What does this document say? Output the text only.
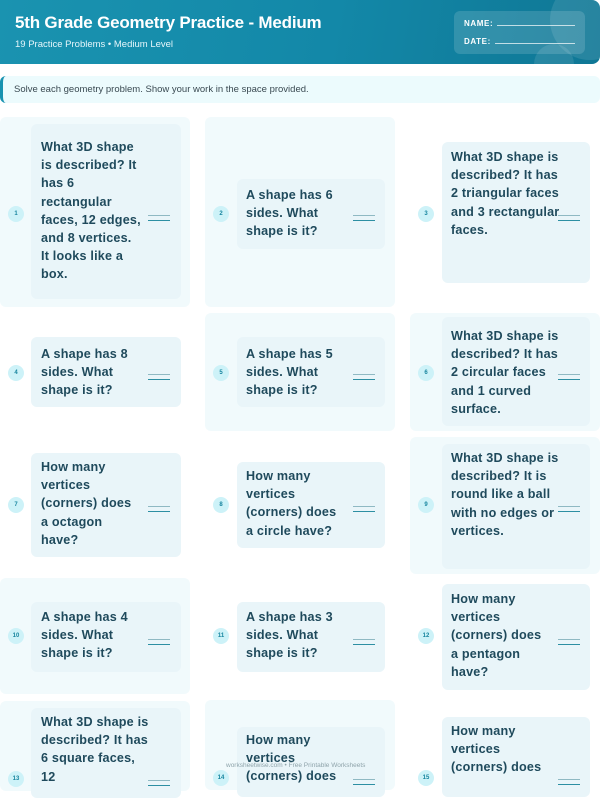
5th Grade Geometry Practice - Medium
19 Practice Problems • Medium Level
NAME:
DATE:
Solve each geometry problem. Show your work in the space provided.
1
What 3D shape is described? It has 6 rectangular faces, 12 edges, and 8 vertices. It looks like a box.
4
A shape has 8 sides. What shape is it?
7
How many vertices (corners) does a octagon have?
10
A shape has 4 sides. What shape is it?
13
What 3D shape is described? It has 6 square faces, 12
2
A shape has 6 sides. What shape is it?
5
A shape has 5 sides. What shape is it?
8
How many vertices (corners) does a circle have?
11
A shape has 3 sides. What shape is it?
14
How many vertices (corners) does
3
What 3D shape is described? It has 2 triangular faces and 3 rectangular faces.
6
What 3D shape is described? It has 2 circular faces and 1 curved surface.
9
What 3D shape is described? It is round like a ball with no edges or vertices.
12
How many vertices (corners) does a pentagon have?
15
How many vertices (corners) does
worksheetwise.com • Free Printable Worksheets
